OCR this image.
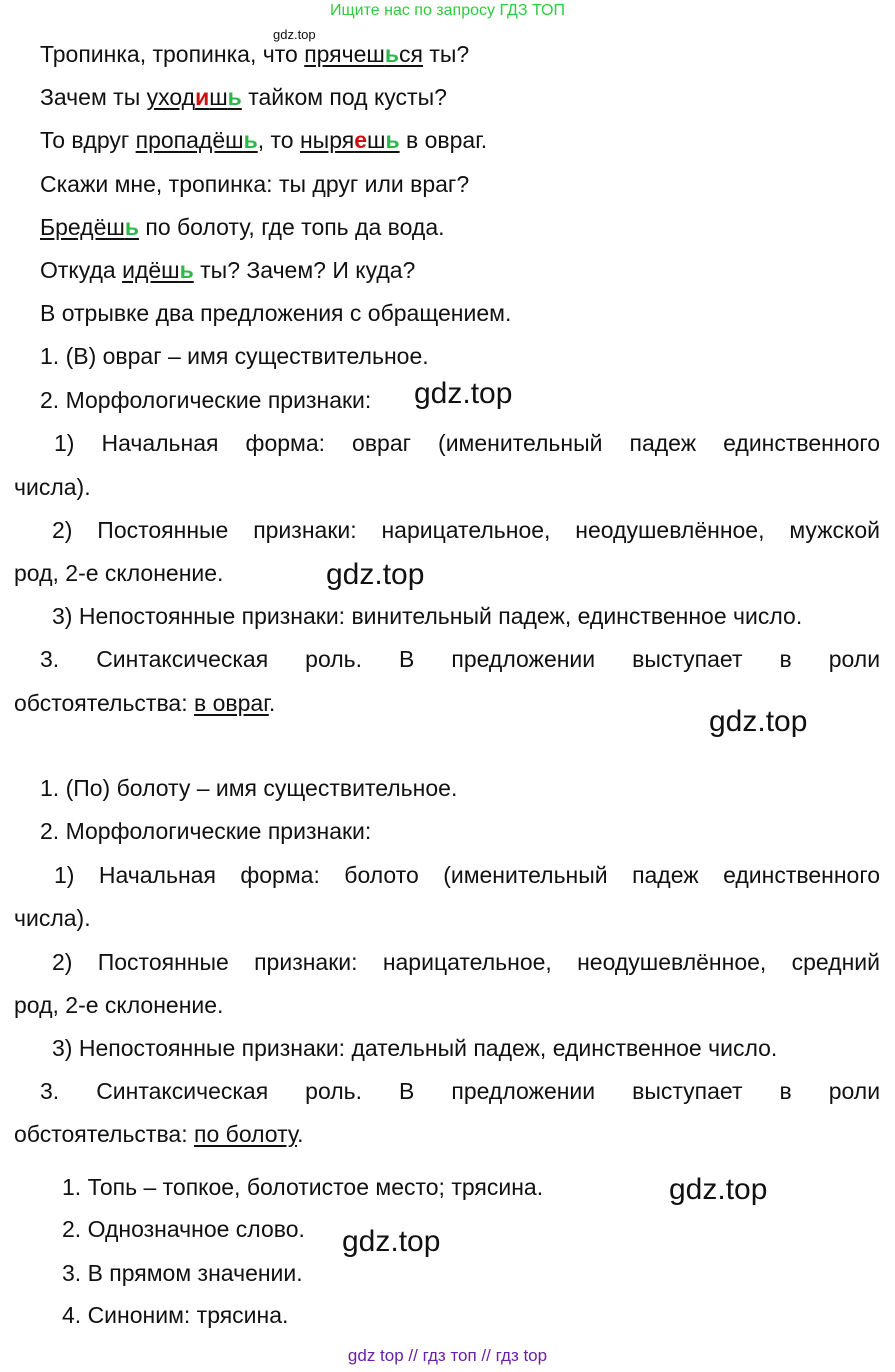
Ищите нас по запросу ГДЗ ТОП
gdz.top
Тропинка, тропинка, что прячешься ты?
Зачем ты уходишь тайком под кусты?
То вдруг пропадёшь, то ныряешь в овраг.
Скажи мне, тропинка: ты друг или враг?
Бредёшь по болоту, где топь да вода.
Откуда идёшь ты? Зачем? И куда?
В отрывке два предложения с обращением.
1. (В) овраг – имя существительное.
2. Морфологические признаки: gdz.top
1) Начальная форма: овраг (именительный падеж единственного
числа).
2) Постоянные признаки: нарицательное, неодушевлённое, мужской
род, 2-е склонение.	gdz.top
3) Непостоянные признаки: винительный падеж, единственное число.
3. Синтаксическая роль. В предложении выступает в роли
обстоятельства: в овраг.
gdz.top
1. (По) болоту – имя существительное.
2. Морфологические признаки:
1) Начальная форма: болото (именительный падеж единственного
числа).
2) Постоянные признаки: нарицательное, неодушевлённое, средний
род, 2-е склонение.
3) Непостоянные признаки: дательный падеж, единственное число.
3. Синтаксическая роль. В предложении выступает в роли
обстоятельства: по болоту.
1. Топь – топкое, болотистое место; трясина.	gdz.top
2. Однозначное слово. gdz.top
3. В прямом значении.
4. Синоним: трясина.
gdz top // гдз топ // гдз top
